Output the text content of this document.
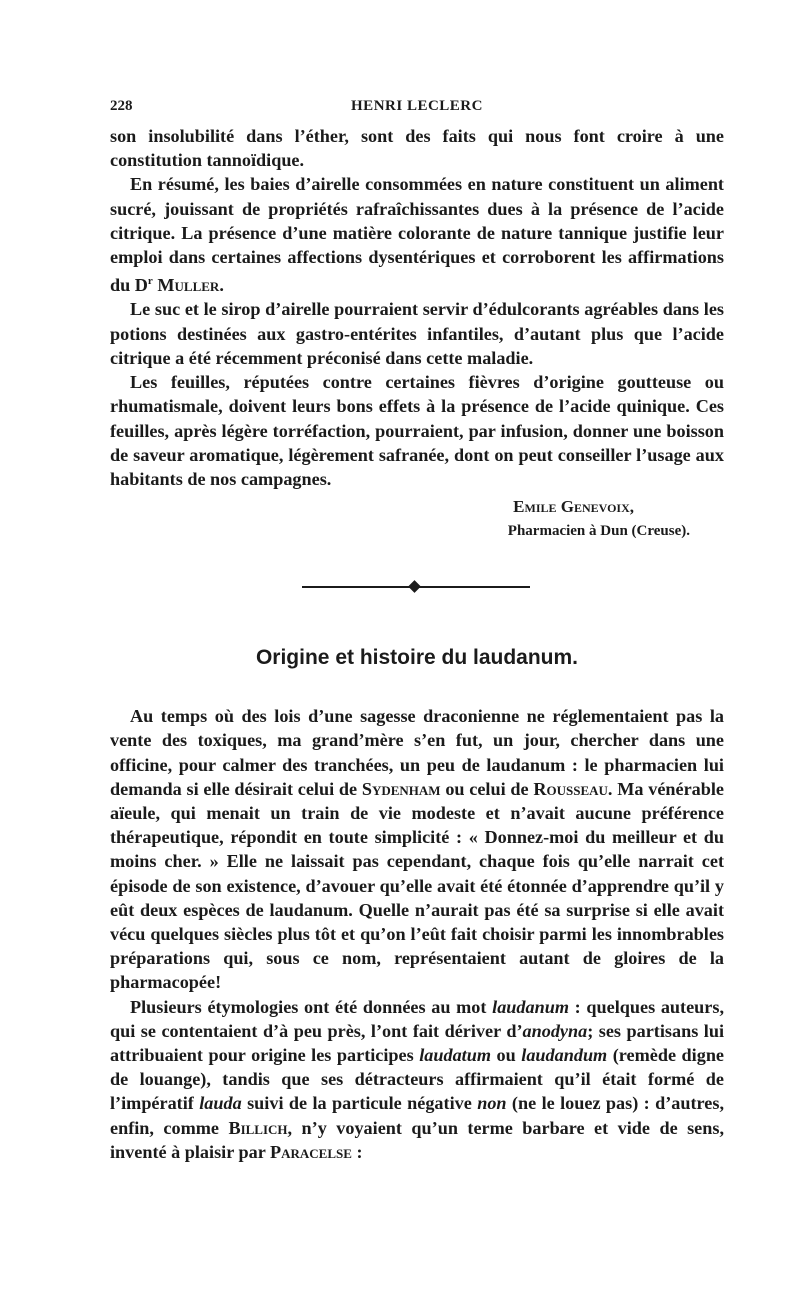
228	HENRI LECLERC

son insolubilité dans l’éther, sont des faits qui nous font croire à une constitution tannoïdique.

En résumé, les baies d’airelle consommées en nature constituent un aliment sucré, jouissant de propriétés rafraîchissantes dues à la présence de l’acide citrique. La présence d’une matière colorante de nature tannique justifie leur emploi dans certaines affections dysentériques et corroborent les affirmations du $D^r$ Muller.

Le suc et le sirop d’airelle pourraient servir d’édulcorants agréables dans les potions destinées aux gastro-entérites infantiles, d’autant plus que l’acide citrique a été récemment préconisé dans cette maladie.

Les feuilles, réputées contre certaines fièvres d’origine goutteuse ou rhumatismale, doivent leurs bons effets à la présence de l’acide quinique. Ces feuilles, après légère torréfaction, pourraient, par infusion, donner une boisson de saveur aromatique, légèrement safranée, dont on peut conseiller l’usage aux habitants de nos campagnes.

Emile Genevoix,
Pharmacien à Dun (Creuse).
Origine et histoire du laudanum.

Au temps où des lois d’une sagesse draconienne ne réglementaient pas la vente des toxiques, ma grand’mère s’en fut, un jour, chercher dans une officine, pour calmer des tranchées, un peu de laudanum : le pharmacien lui demanda si elle désirait celui de Sydenham ou celui de Rousseau. Ma vénérable aïeule, qui menait un train de vie modeste et n’avait aucune préférence thérapeutique, répondit en toute simplicité : « Donnez-moi du meilleur et du moins cher. » Elle ne laissait pas cependant, chaque fois qu’elle narrait cet épisode de son existence, d’avouer qu’elle avait été étonnée d’apprendre qu’il y eût deux espèces de laudanum. Quelle n’aurait pas été sa surprise si elle avait vécu quelques siècles plus tôt et qu’on l’eût fait choisir parmi les innombrables préparations qui, sous ce nom, représentaient autant de gloires de la pharmacopée!

Plusieurs étymologies ont été données au mot laudanum : quelques auteurs, qui se contentaient d’à peu près, l’ont fait dériver d’anodyna; ses partisans lui attribuaient pour origine les participes laudatum ou laudandum (remède digne de louange), tandis que ses détracteurs affirmaient qu’il était formé de l’impératif lauda suivi de la particule négative non (ne le louez pas) : d’autres, enfin, comme Billich, n’y voyaient qu’un terme barbare et vide de sens, inventé à plaisir par Paracelse :
